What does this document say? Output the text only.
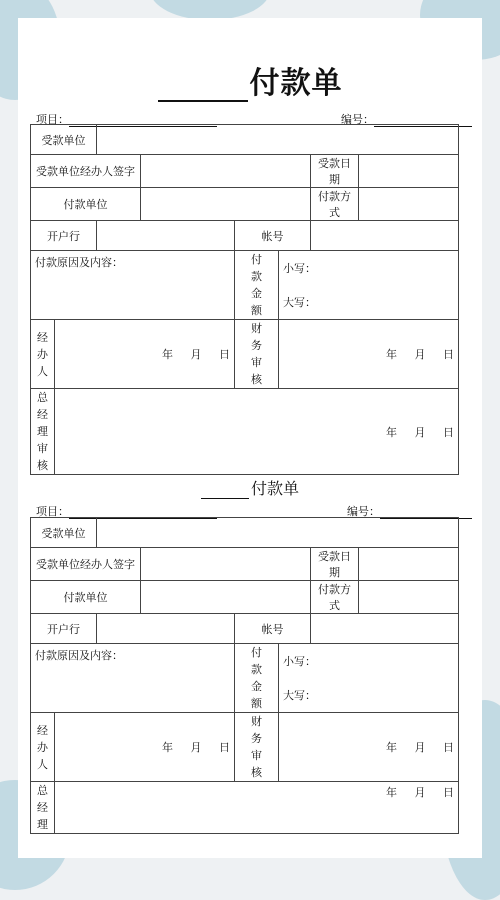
付款单
项目：	编号：
受款单位							
受款单位经办人签字						受款日期	
付款单位						付款方式	
开户行				帐号			
付款原因及内容：				付款金额	小写：		
					大写：		
经办人	年 月 日			财务审核	年 月 日		
总经理审核	年 月 日						
付款单
项目：	编号：
受款单位							
受款单位经办人签字						受款日期	
付款单位						付款方式	
开户行				帐号			
付款原因及内容：				付款金额	小写：		
					大写：		
经办人	年 月 日			财务审核	年 月 日		
总经理	年 月 日						
